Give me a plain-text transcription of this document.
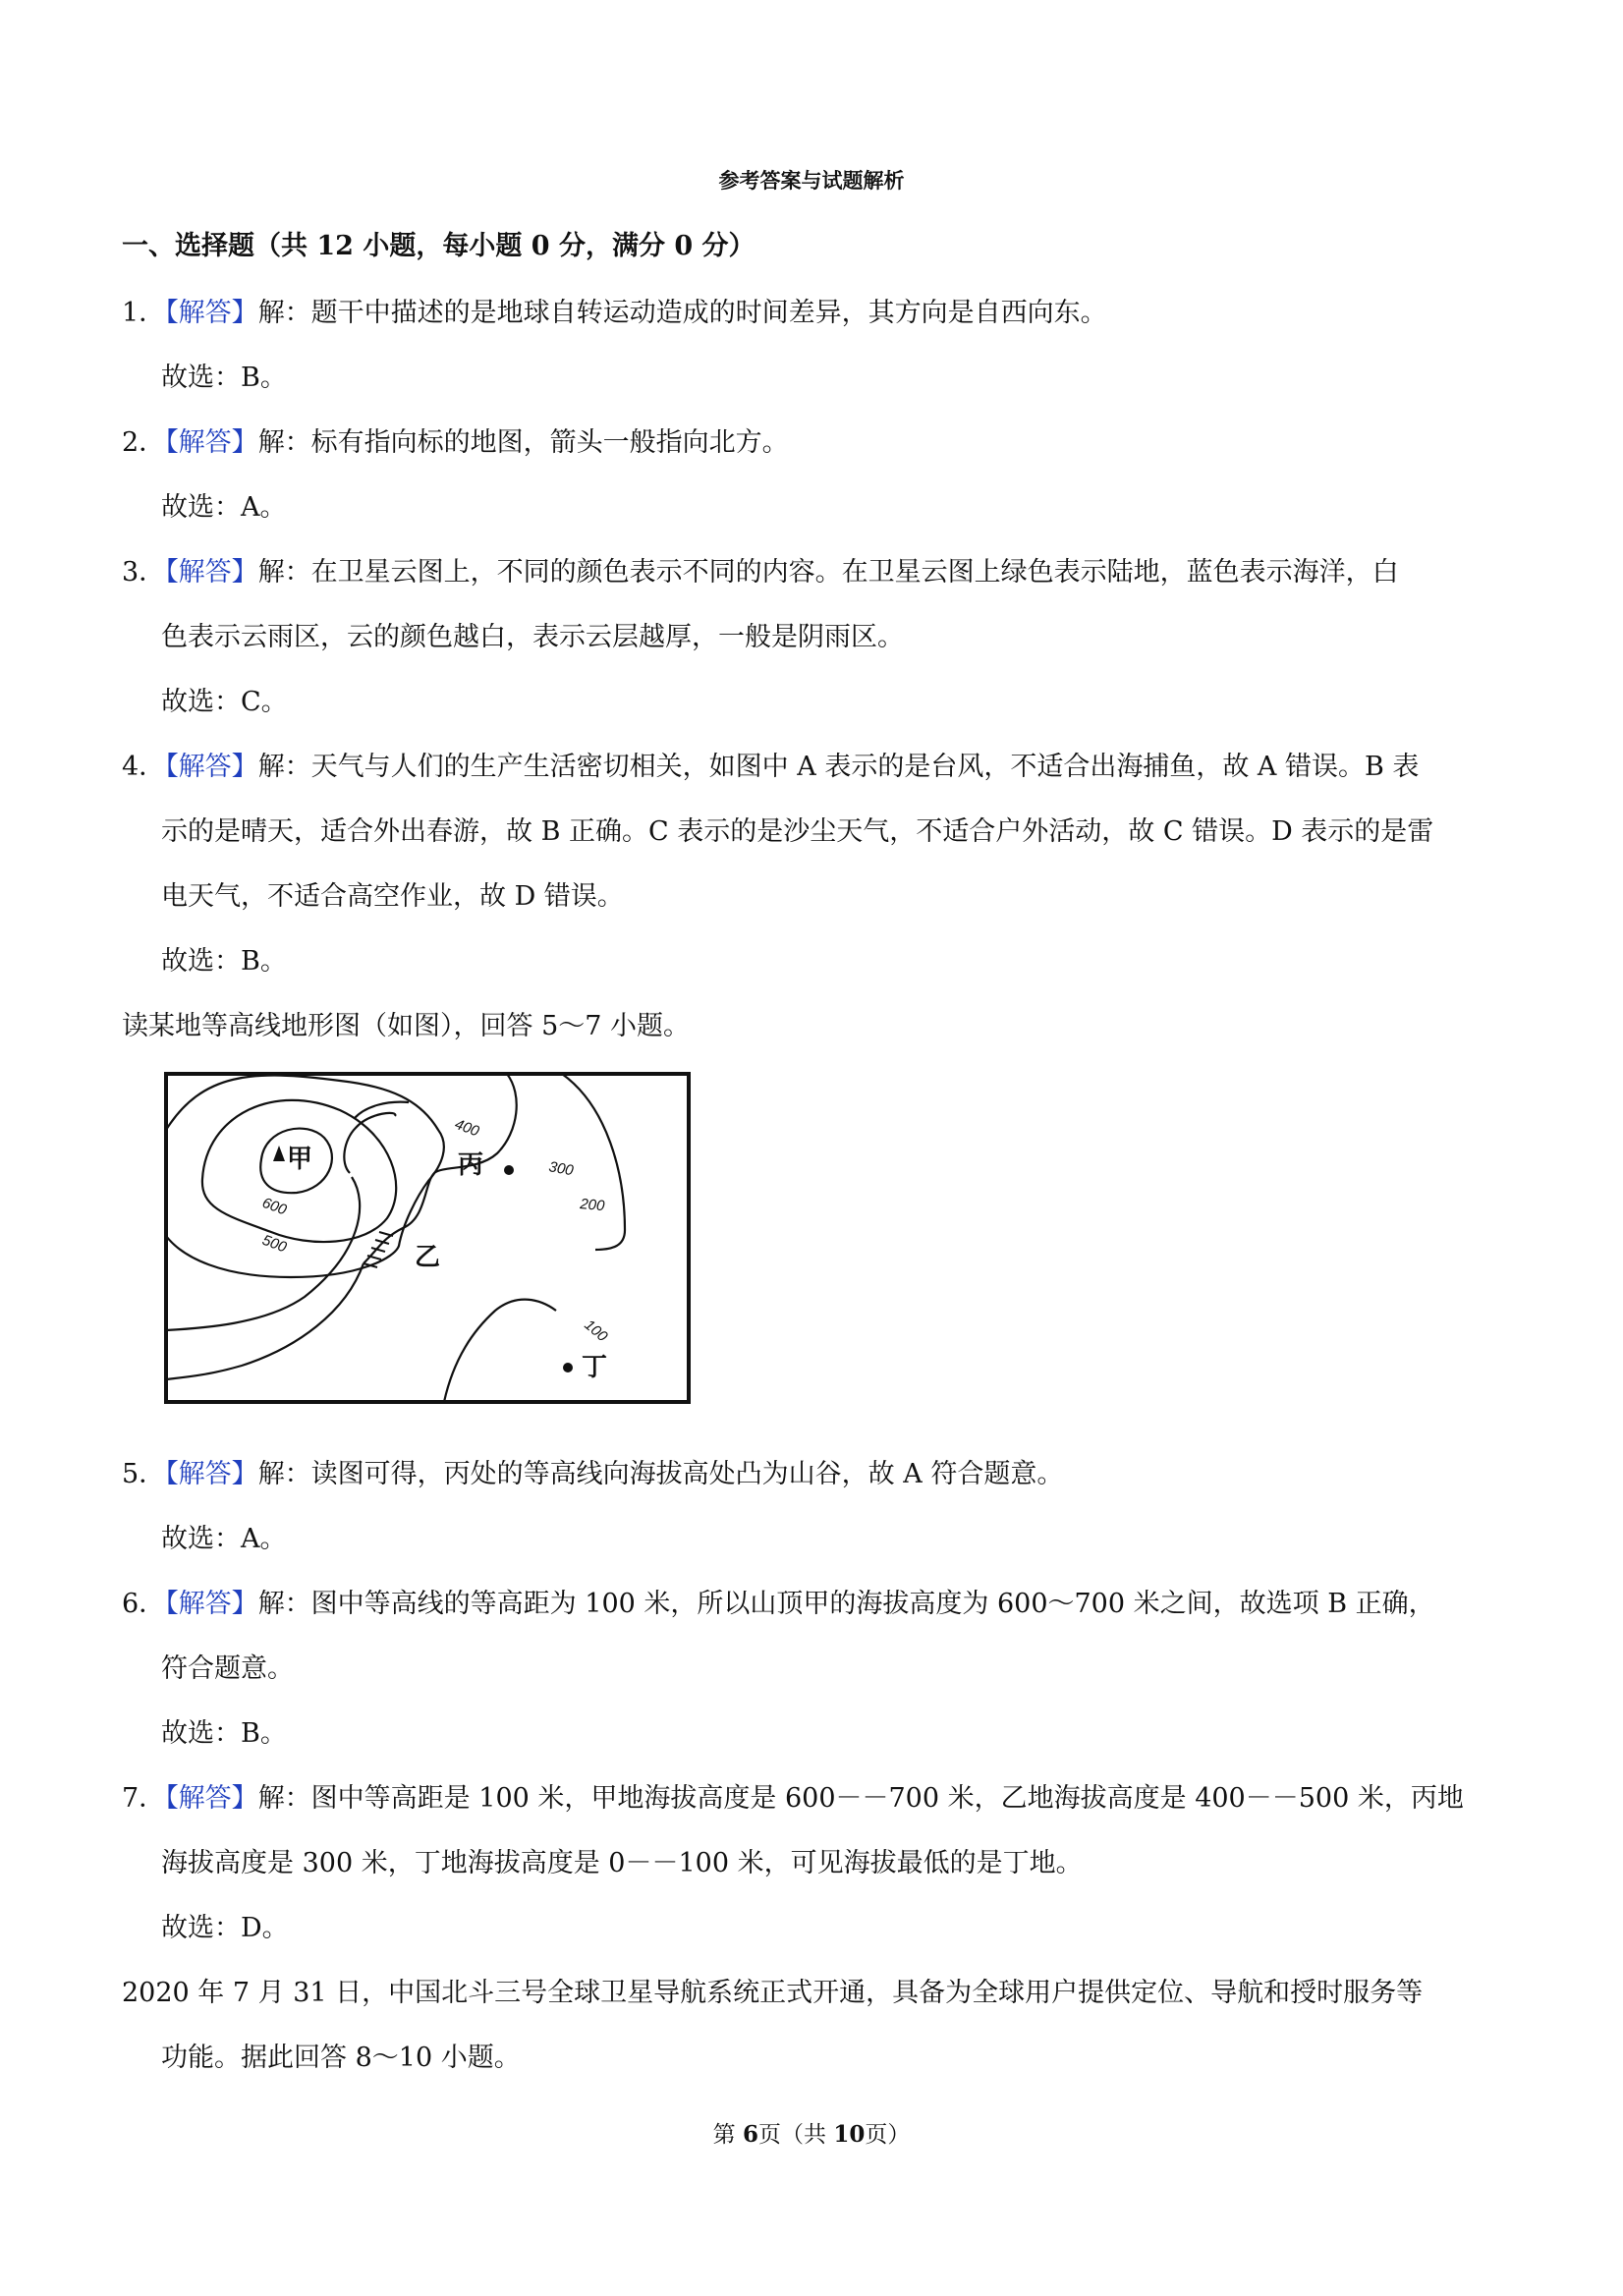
参考答案与试题解析
一、选择题（共 12 小题，每小题 0 分，满分 0 分）
1．【解答】解：题干中描述的是地球自转运动造成的时间差异，其方向是自西向东。
故选：B。
2．【解答】解：标有指向标的地图，箭头一般指向北方。
故选：A。
3．【解答】解：在卫星云图上，不同的颜色表示不同的内容。在卫星云图上绿色表示陆地，蓝色表示海洋，白
色表示云雨区，云的颜色越白，表示云层越厚，一般是阴雨区。
故选：C。
4．【解答】解：天气与人们的生产生活密切相关，如图中 A 表示的是台风，不适合出海捕鱼，故 A 错误。B 表
示的是晴天，适合外出春游，故 B 正确。C 表示的是沙尘天气，不适合户外活动，故 C 错误。D 表示的是雷
电天气，不适合高空作业，故 D 错误。
故选：B。
读某地等高线地形图（如图），回答 5～7 小题。
甲	丙
乙
丁
400
300
200
600
500
100
5．【解答】解：读图可得，丙处的等高线向海拔高处凸为山谷，故 A 符合题意。
故选：A。
6．【解答】解：图中等高线的等高距为 100 米，所以山顶甲的海拔高度为 600～700 米之间，故选项 B 正确，
符合题意。
故选：B。
7．【解答】解：图中等高距是 100 米，甲地海拔高度是 600－－700 米，乙地海拔高度是 400－－500 米，丙地
海拔高度是 300 米，丁地海拔高度是 0－－100 米，可见海拔最低的是丁地。
故选：D。
2020 年 7 月 31 日，中国北斗三号全球卫星导航系统正式开通，具备为全球用户提供定位、导航和授时服务等
功能。据此回答 8～10 小题。
第 6页（共 10页）
